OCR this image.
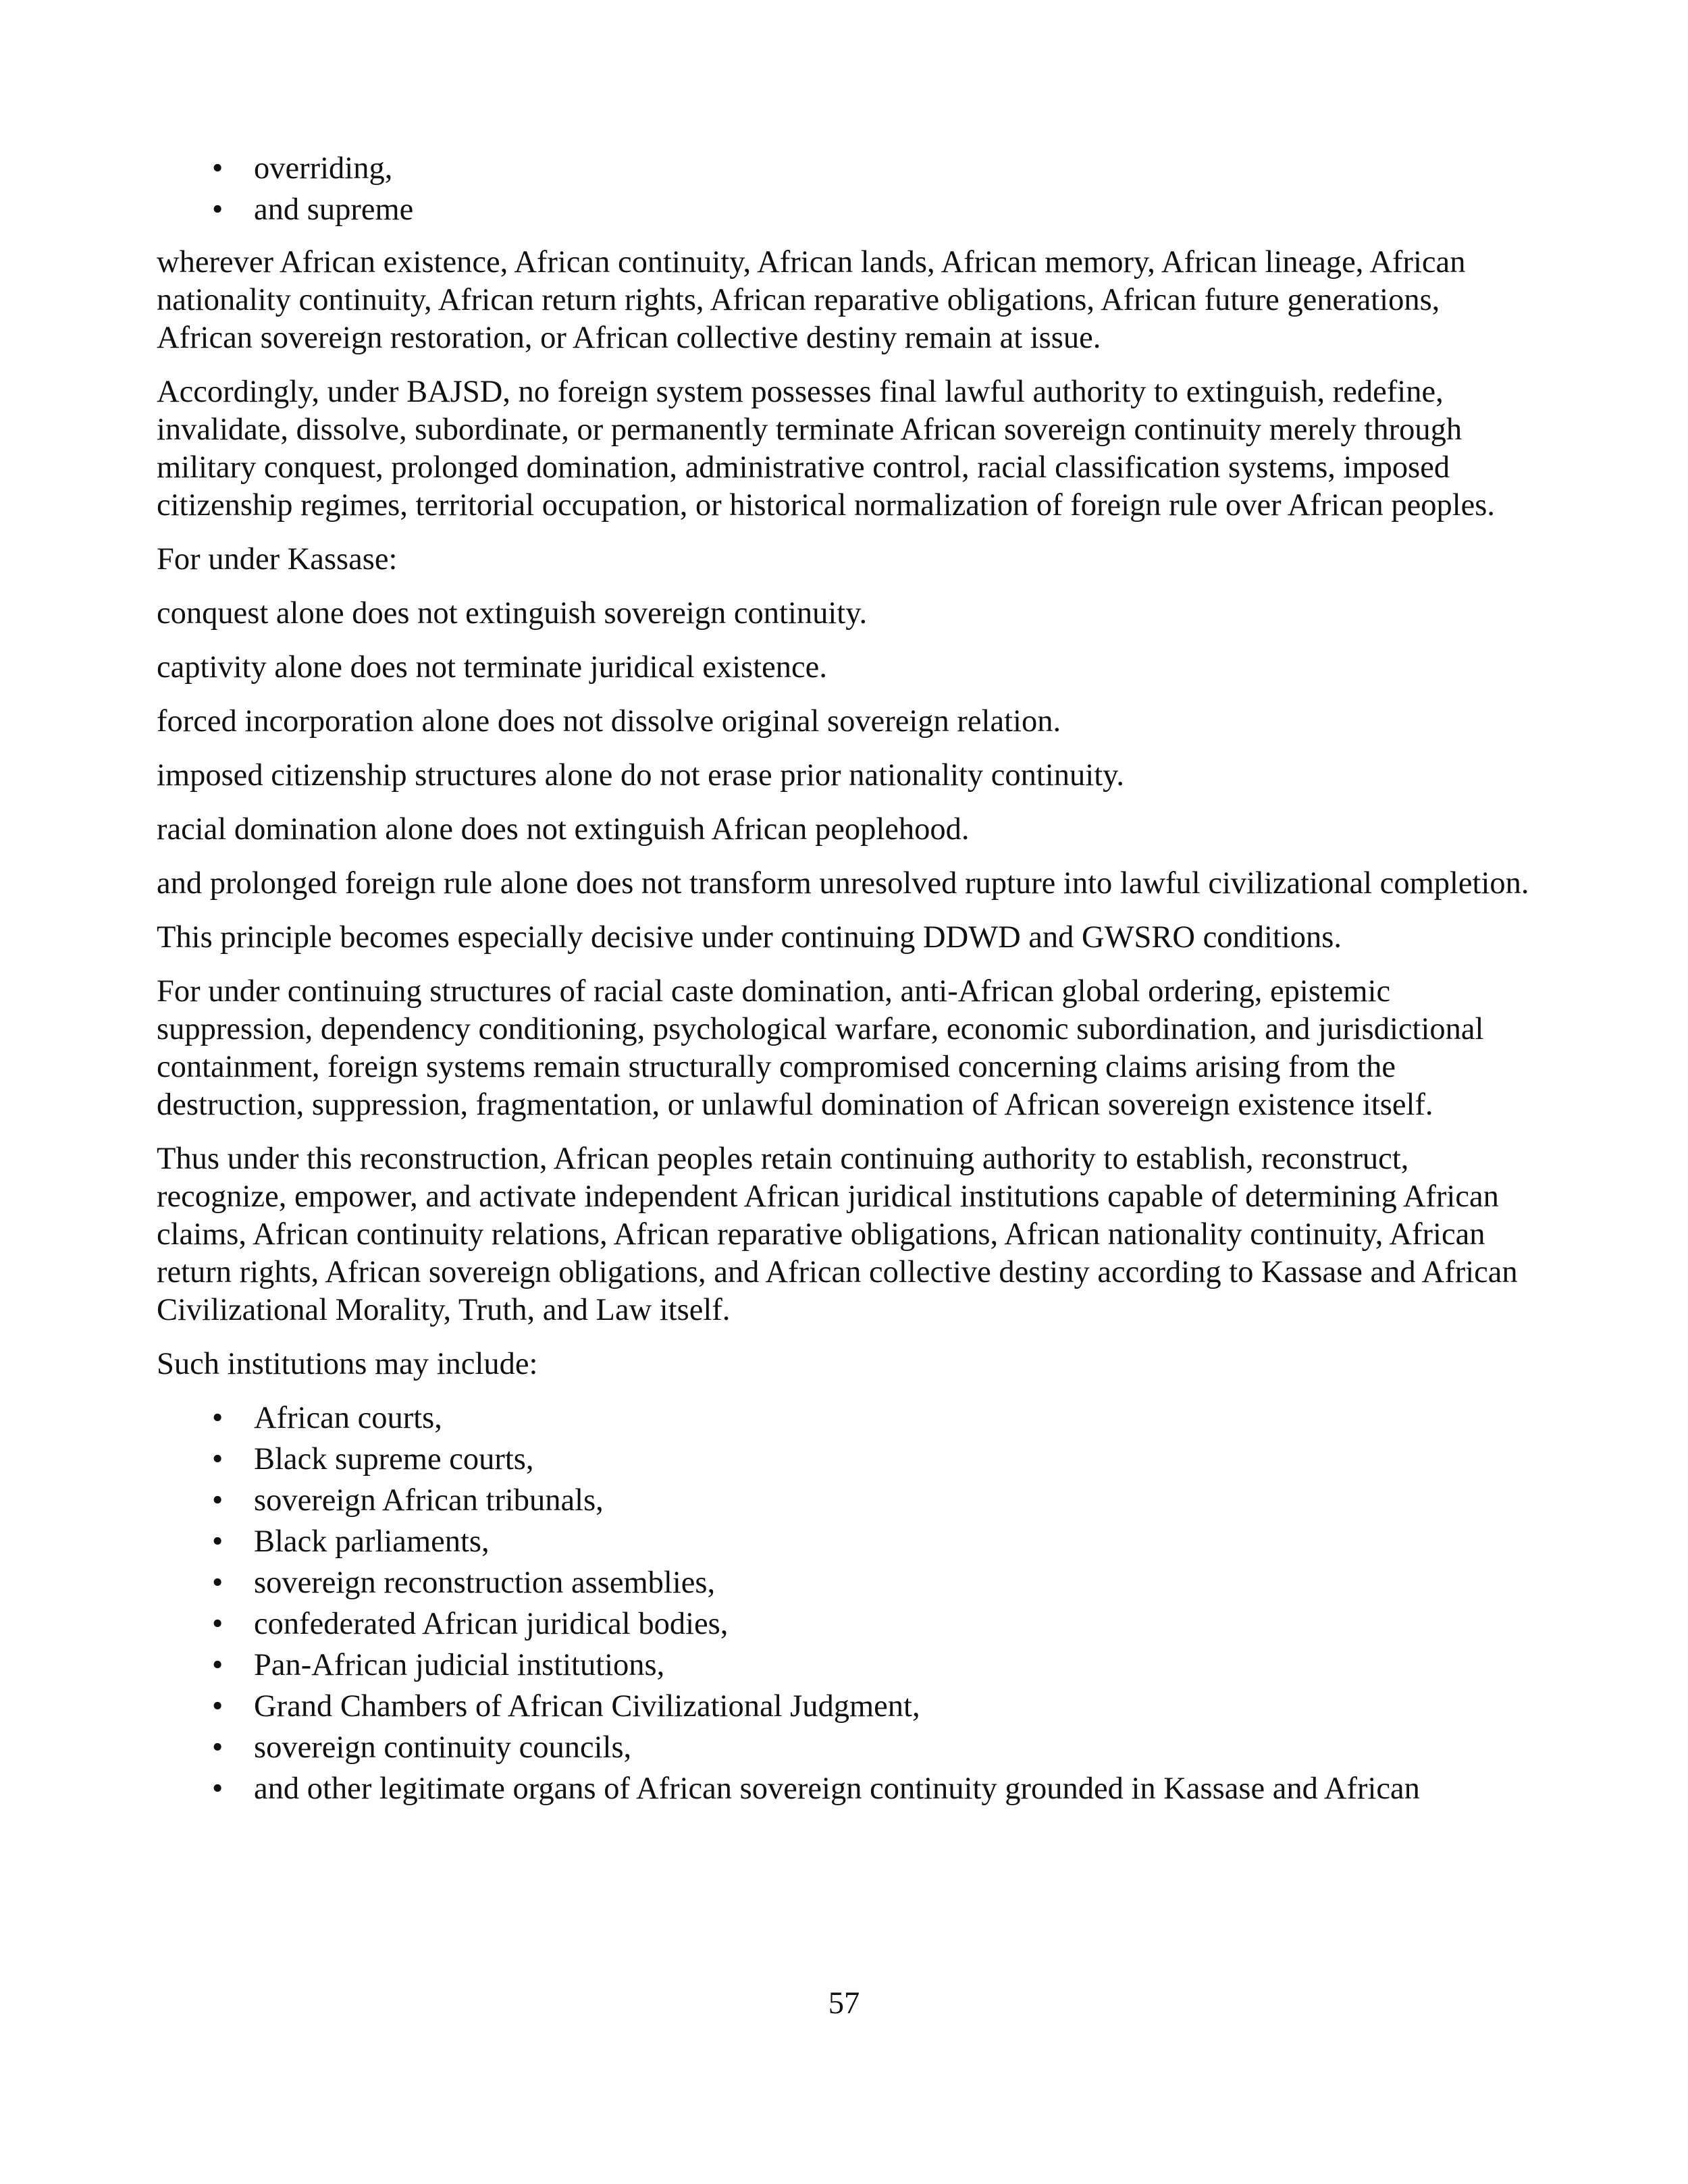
• overriding,
• and supreme

wherever African existence, African continuity, African lands, African memory, African lineage, African nationality continuity, African return rights, African reparative obligations, African future generations, African sovereign restoration, or African collective destiny remain at issue.

Accordingly, under BAJSD, no foreign system possesses final lawful authority to extinguish, redefine, invalidate, dissolve, subordinate, or permanently terminate African sovereign continuity merely through military conquest, prolonged domination, administrative control, racial classification systems, imposed citizenship regimes, territorial occupation, or historical normalization of foreign rule over African peoples.

For under Kassase:

conquest alone does not extinguish sovereign continuity.

captivity alone does not terminate juridical existence.

forced incorporation alone does not dissolve original sovereign relation.

imposed citizenship structures alone do not erase prior nationality continuity.

racial domination alone does not extinguish African peoplehood.

and prolonged foreign rule alone does not transform unresolved rupture into lawful civilizational completion.

This principle becomes especially decisive under continuing DDWD and GWSRO conditions.

For under continuing structures of racial caste domination, anti-African global ordering, epistemic suppression, dependency conditioning, psychological warfare, economic subordination, and jurisdictional containment, foreign systems remain structurally compromised concerning claims arising from the destruction, suppression, fragmentation, or unlawful domination of African sovereign existence itself.

Thus under this reconstruction, African peoples retain continuing authority to establish, reconstruct, recognize, empower, and activate independent African juridical institutions capable of determining African claims, African continuity relations, African reparative obligations, African nationality continuity, African return rights, African sovereign obligations, and African collective destiny according to Kassase and African Civilizational Morality, Truth, and Law itself.

Such institutions may include:

• African courts,
• Black supreme courts,
• sovereign African tribunals,
• Black parliaments,
• sovereign reconstruction assemblies,
• confederated African juridical bodies,
• Pan-African judicial institutions,
• Grand Chambers of African Civilizational Judgment,
• sovereign continuity councils,
• and other legitimate organs of African sovereign continuity grounded in Kassase and African
57
